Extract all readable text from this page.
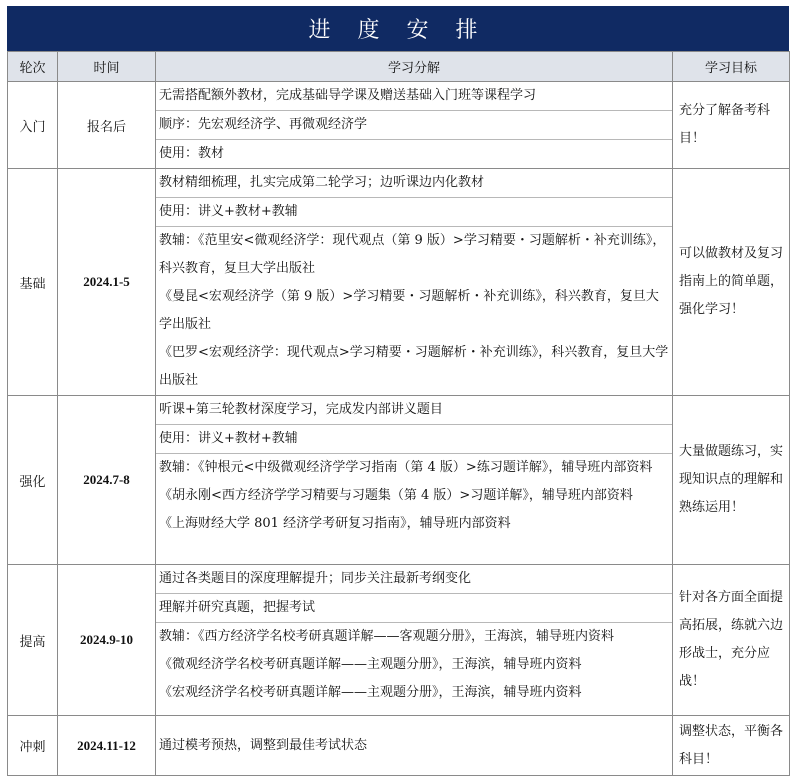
进 度 安 排
轮次	时间	学习分解	学习目标
入门	报名后	无需搭配额外教材，完成基础导学课及赠送基础入门班等课程学习
顺序：先宏观经济学、再微观经济学
使用：教材	充分了解备考科目！
基础	2024.1-5	教材精细梳理，扎实完成第二轮学习；边听课边内化教材
使用：讲义+教材+教辅
教辅：《范里安<微观经济学：现代观点（第 9 版）>学习精要・习题解析・补充训练》，科兴教育，复旦大学出版社
《曼昆<宏观经济学（第 9 版）>学习精要・习题解析・补充训练》，科兴教育，复旦大学出版社
《巴罗<宏观经济学：现代观点>学习精要・习题解析・补充训练》，科兴教育，复旦大学出版社	可以做教材及复习指南上的简单题，强化学习！
强化	2024.7-8	听课+第三轮教材深度学习，完成发内部讲义题目
使用：讲义+教材+教辅
教辅：《钟根元<中级微观经济学学习指南（第 4 版）>练习题详解》，辅导班内部资料
《胡永刚<西方经济学学习精要与习题集（第 4 版）>习题详解》，辅导班内部资料
《上海财经大学 801 经济学考研复习指南》，辅导班内部资料	大量做题练习，实现知识点的理解和熟练运用！
提高	2024.9-10	通过各类题目的深度理解提升；同步关注最新考纲变化
理解并研究真题，把握考试
教辅：《西方经济学名校考研真题详解——客观题分册》，王海滨，辅导班内资料
《微观经济学名校考研真题详解——主观题分册》，王海滨，辅导班内资料
《宏观经济学名校考研真题详解——主观题分册》，王海滨，辅导班内资料	针对各方面全面提高拓展，练就六边形战士，充分应战！
冲刺	2024.11-12	通过模考预热，调整到最佳考试状态	调整状态，平衡各科目！
